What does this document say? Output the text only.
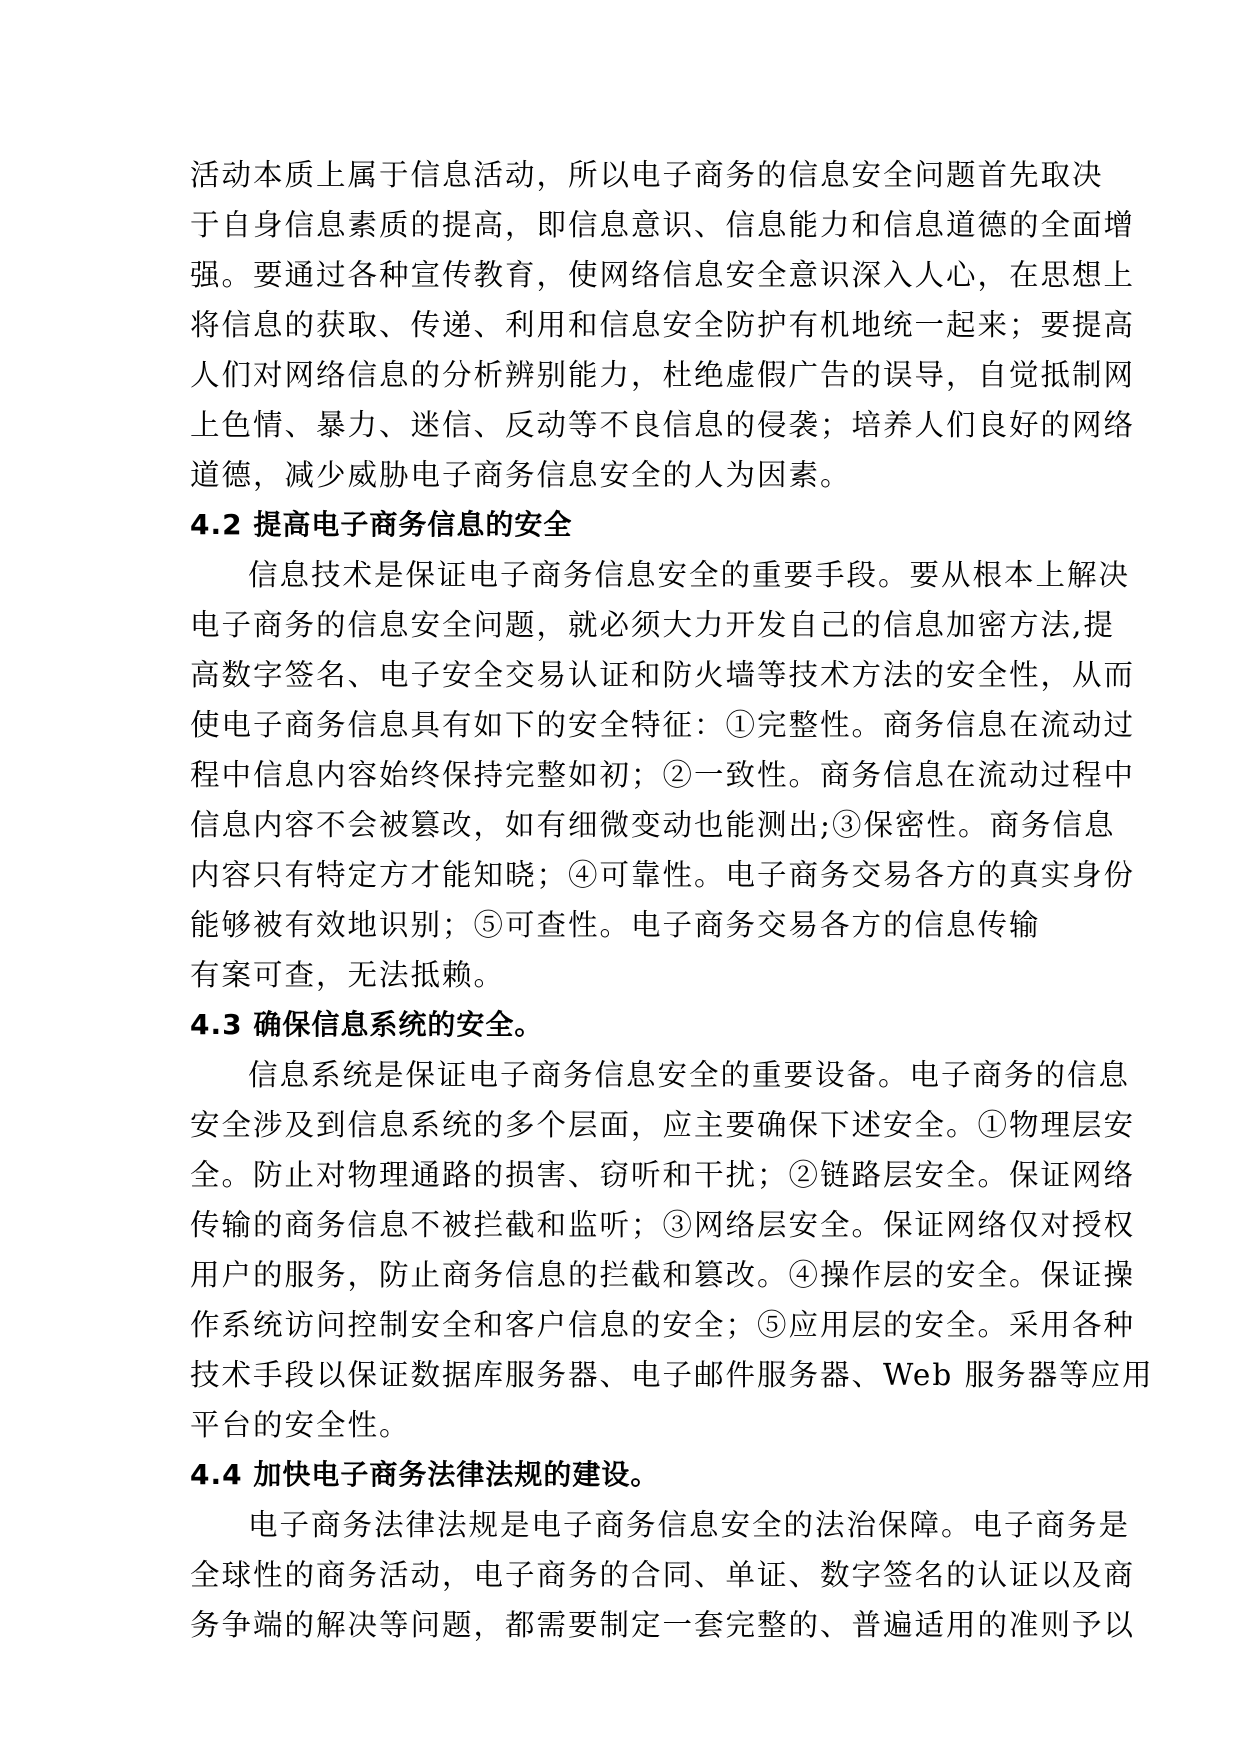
活动本质上属于信息活动，所以电子商务的信息安全问题首先取决
于自身信息素质的提高，即信息意识、信息能力和信息道德的全面增
强。要通过各种宣传教育，使网络信息安全意识深入人心，在思想上
将信息的获取、传递、利用和信息安全防护有机地统一起来；要提高
人们对网络信息的分析辨别能力，杜绝虚假广告的误导，自觉抵制网
上色情、暴力、迷信、反动等不良信息的侵袭；培养人们良好的网络
道德，减少威胁电子商务信息安全的人为因素。
4.2 提高电子商务信息的安全
信息技术是保证电子商务信息安全的重要手段。要从根本上解决
电子商务的信息安全问题，就必须大力开发自己的信息加密方法,提
高数字签名、电子安全交易认证和防火墙等技术方法的安全性，从而
使电子商务信息具有如下的安全特征：①完整性。商务信息在流动过
程中信息内容始终保持完整如初；②一致性。商务信息在流动过程中
信息内容不会被篡改，如有细微变动也能测出;③保密性。商务信息
内容只有特定方才能知晓；④可靠性。电子商务交易各方的真实身份
能够被有效地识别；⑤可查性。电子商务交易各方的信息传输
有案可查，无法抵赖。
4.3 确保信息系统的安全。
信息系统是保证电子商务信息安全的重要设备。电子商务的信息
安全涉及到信息系统的多个层面，应主要确保下述安全。①物理层安
全。防止对物理通路的损害、窃听和干扰；②链路层安全。保证网络
传输的商务信息不被拦截和监听；③网络层安全。保证网络仅对授权
用户的服务，防止商务信息的拦截和篡改。④操作层的安全。保证操
作系统访问控制安全和客户信息的安全；⑤应用层的安全。采用各种
技术手段以保证数据库服务器、电子邮件服务器、Web 服务器等应用
平台的安全性。
4.4 加快电子商务法律法规的建设。
电子商务法律法规是电子商务信息安全的法治保障。电子商务是
全球性的商务活动，电子商务的合同、单证、数字签名的认证以及商
务争端的解决等问题，都需要制定一套完整的、普遍适用的准则予以
